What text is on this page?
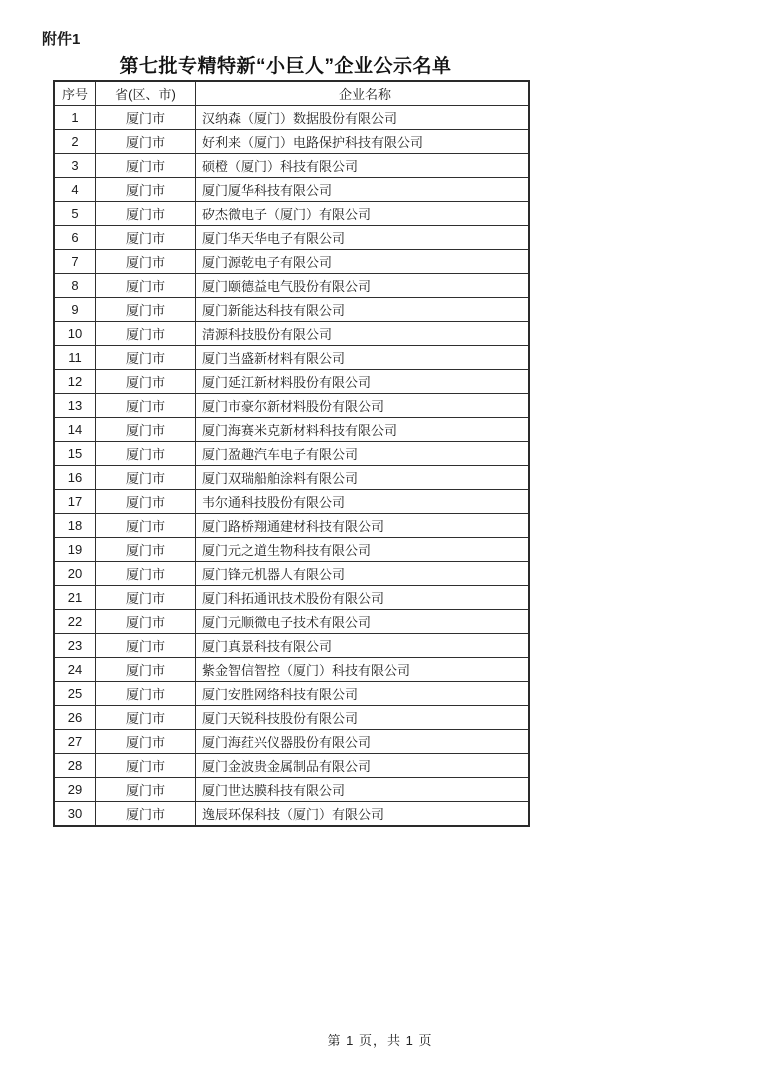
附件1
第七批专精特新“小巨人”企业公示名单
序号	省(区、市)	企业名称
1	厦门市	汉纳森（厦门）数据股份有限公司
2	厦门市	好利来（厦门）电路保护科技有限公司
3	厦门市	硕橙（厦门）科技有限公司
4	厦门市	厦门厦华科技有限公司
5	厦门市	矽杰微电子（厦门）有限公司
6	厦门市	厦门华天华电子有限公司
7	厦门市	厦门源乾电子有限公司
8	厦门市	厦门颐德益电气股份有限公司
9	厦门市	厦门新能达科技有限公司
10	厦门市	清源科技股份有限公司
11	厦门市	厦门当盛新材料有限公司
12	厦门市	厦门延江新材料股份有限公司
13	厦门市	厦门市豪尔新材料股份有限公司
14	厦门市	厦门海赛米克新材料科技有限公司
15	厦门市	厦门盈趣汽车电子有限公司
16	厦门市	厦门双瑞船舶涂料有限公司
17	厦门市	韦尔通科技股份有限公司
18	厦门市	厦门路桥翔通建材科技有限公司
19	厦门市	厦门元之道生物科技有限公司
20	厦门市	厦门锋元机器人有限公司
21	厦门市	厦门科拓通讯技术股份有限公司
22	厦门市	厦门元顺微电子技术有限公司
23	厦门市	厦门真景科技有限公司
24	厦门市	紫金智信智控（厦门）科技有限公司
25	厦门市	厦门安胜网络科技有限公司
26	厦门市	厦门天锐科技股份有限公司
27	厦门市	厦门海荭兴仪器股份有限公司
28	厦门市	厦门金波贵金属制品有限公司
29	厦门市	厦门世达膜科技有限公司
30	厦门市	逸辰环保科技（厦门）有限公司
第 1 页，共 1 页
